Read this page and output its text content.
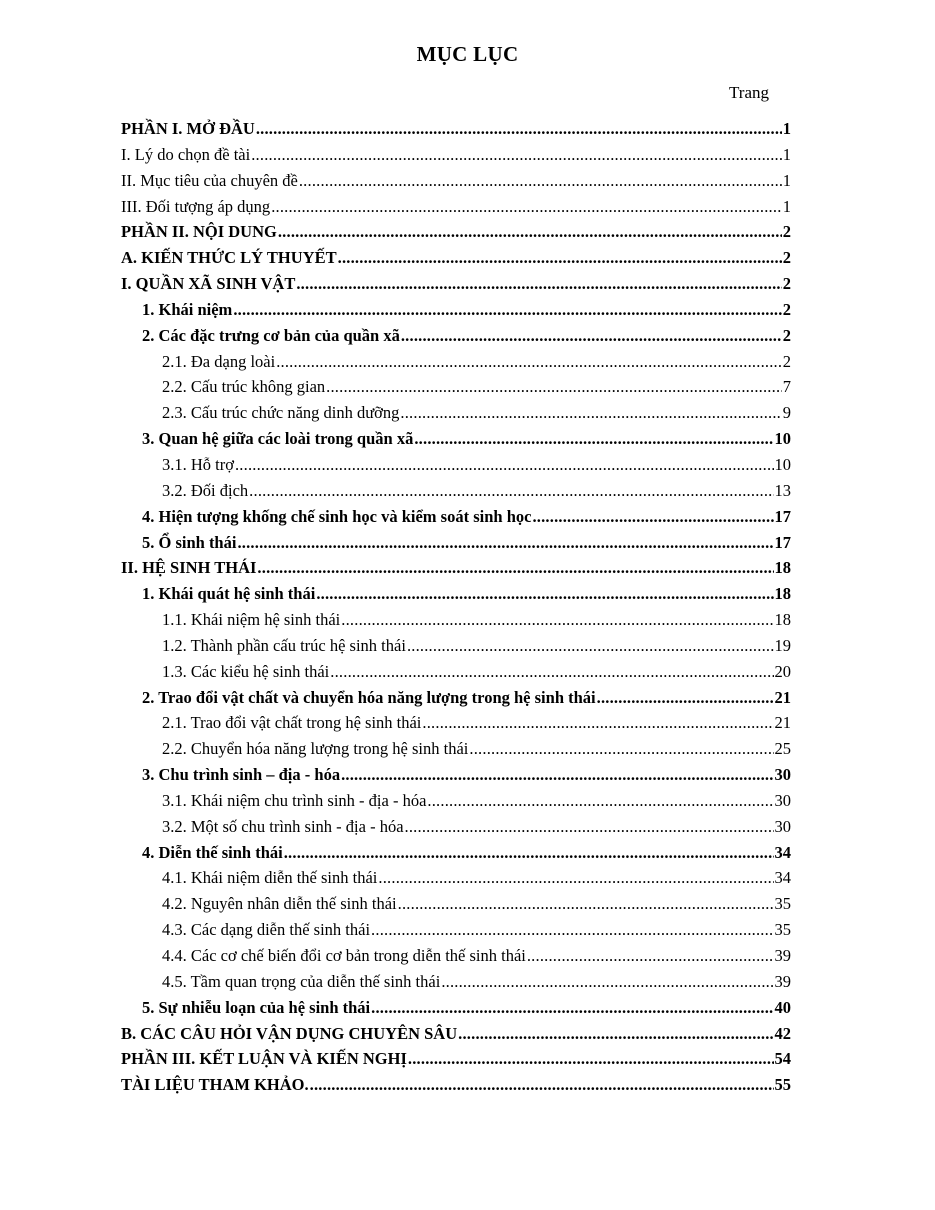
MỤC LỤC
Trang
PHẦN I. MỞ ĐẦU .....	1
I. Lý do chọn đề tài .....	1
II. Mục tiêu của chuyên đề .....	1
III. Đối tượng áp dụng .....	1
PHẦN II. NỘI DUNG .....	2
A. KIẾN THỨC LÝ THUYẾT .....	2
I. QUẦN XÃ SINH VẬT .....	2
1. Khái niệm .....	2
2. Các đặc trưng cơ bản của quần xã .....	2
2.1. Đa dạng loài .....	2
2.2. Cấu trúc không gian .....	7
2.3. Cấu trúc chức năng dinh dưỡng .....	9
3. Quan hệ giữa các loài trong quần xã .....	10
3.1. Hỗ trợ .....	10
3.2. Đối địch .....	13
4. Hiện tượng khống chế sinh học và kiểm soát sinh học .....	17
5. Ổ sinh thái .....	17
II. HỆ SINH THÁI .....	18
1. Khái quát hệ sinh thái .....	18
1.1. Khái niệm hệ sinh thái .....	18
1.2. Thành phần cấu trúc hệ sinh thái .....	19
1.3. Các kiểu hệ sinh thái .....	20
2. Trao đổi vật chất và chuyển hóa năng lượng trong hệ sinh thái .....	21
2.1. Trao đổi vật chất trong hệ sinh thái .....	21
2.2. Chuyển hóa năng lượng trong hệ sinh thái .....	25
3. Chu trình sinh – địa - hóa .....	30
3.1. Khái niệm chu trình sinh - địa - hóa .....	30
3.2. Một số chu trình sinh - địa - hóa .....	30
4. Diễn thế sinh thái .....	34
4.1. Khái niệm diễn thế sinh thái .....	34
4.2. Nguyên nhân diễn thế sinh thái .....	35
4.3. Các dạng diễn thế sinh thái .....	35
4.4. Các cơ chế biến đổi cơ bản trong diễn thế sinh thái .....	39
4.5. Tầm quan trọng của diễn thế sinh thái .....	39
5. Sự nhiễu loạn của hệ sinh thái .....	40
B. CÁC CÂU HỎI VẬN DỤNG CHUYÊN SÂU .....	42
PHẦN III. KẾT LUẬN VÀ KIẾN NGHỊ .....	54
TÀI LIỆU THAM KHẢO. .....	55
